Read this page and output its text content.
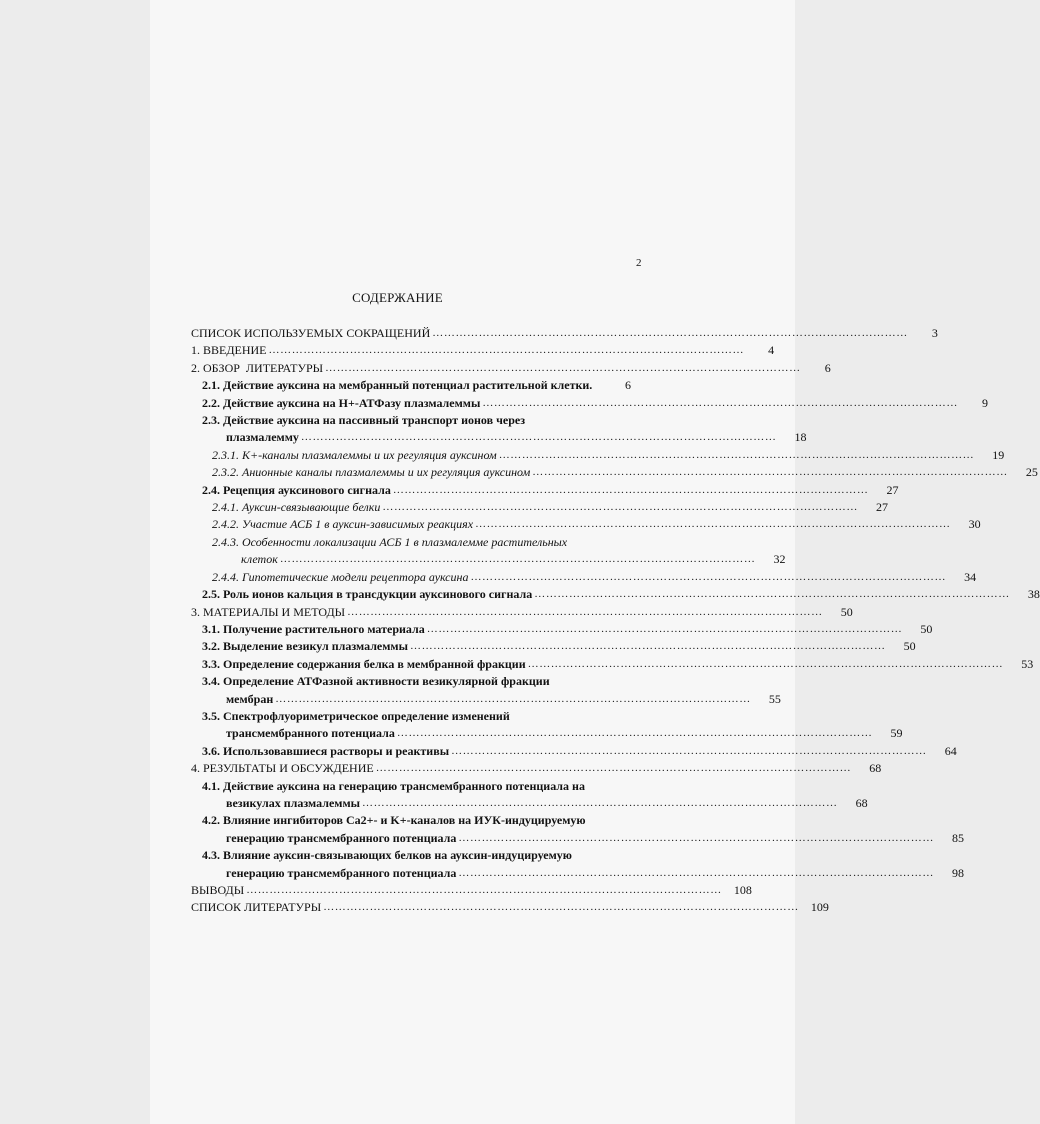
2
СОДЕРЖАНИЕ
СПИСОК ИСПОЛЬЗУЕМЫХ СОКРАЩЕНИЙ ……………………………………………………………………………………………………………	3
1. ВВЕДЕНИЕ ……………………………………………………………………………………………………………	4
2. ОБЗОР  ЛИТЕРАТУРЫ ……………………………………………………………………………………………………………	6
2.1. Действие ауксина на мембранный потенциал растительной клетки.	6
2.2. Действие ауксина на H+-АТФазу плазмалеммы ……………………………………………………………………………………………………………	9
2.3. Действие ауксина на пассивный транспорт ионов через
плазмалемму ……………………………………………………………………………………………………………	18
2.3.1. K+-каналы плазмалеммы и их регуляция ауксином ……………………………………………………………………………………………………………	19
2.3.2. Анионные каналы плазмалеммы и их регуляция ауксином ……………………………………………………………………………………………………………	25
2.4. Рецепция ауксинового сигнала ……………………………………………………………………………………………………………	27
2.4.1. Ауксин-связывающие белки ……………………………………………………………………………………………………………	27
2.4.2. Участие АСБ 1 в ауксин-зависимых реакциях ……………………………………………………………………………………………………………	30
2.4.3. Особенности локализации АСБ 1 в плазмалемме растительных
клеток ……………………………………………………………………………………………………………	32
2.4.4. Гипотетические модели рецептора ауксина ……………………………………………………………………………………………………………	34
2.5. Роль ионов кальция в трансдукции ауксинового сигнала ……………………………………………………………………………………………………………	38
3. МАТЕРИАЛЫ И МЕТОДЫ ……………………………………………………………………………………………………………	50
3.1. Получение растительного материала ……………………………………………………………………………………………………………	50
3.2. Выделение везикул плазмалеммы ……………………………………………………………………………………………………………	50
3.3. Определение содержания белка в мембранной фракции ……………………………………………………………………………………………………………	53
3.4. Определение АТФазной активности везикулярной фракции
мембран ……………………………………………………………………………………………………………	55
3.5. Спектрофлуориметрическое определение изменений
трансмембранного потенциала ……………………………………………………………………………………………………………	59
3.6. Использовавшиеся растворы и реактивы ……………………………………………………………………………………………………………	64
4. РЕЗУЛЬТАТЫ И ОБСУЖДЕНИЕ ……………………………………………………………………………………………………………	68
4.1. Действие ауксина на генерацию трансмембранного потенциала на
везикулах плазмалеммы ……………………………………………………………………………………………………………	68
4.2. Влияние ингибиторов Ca2+- и K+-каналов на ИУК-индуцируемую
генерацию трансмембранного потенциала ……………………………………………………………………………………………………………	85
4.3. Влияние ауксин-связывающих белков на ауксин-индуцируемую
генерацию трансмембранного потенциала ……………………………………………………………………………………………………………	98
ВЫВОДЫ ……………………………………………………………………………………………………………	108
СПИСОК ЛИТЕРАТУРЫ ……………………………………………………………………………………………………………	109
